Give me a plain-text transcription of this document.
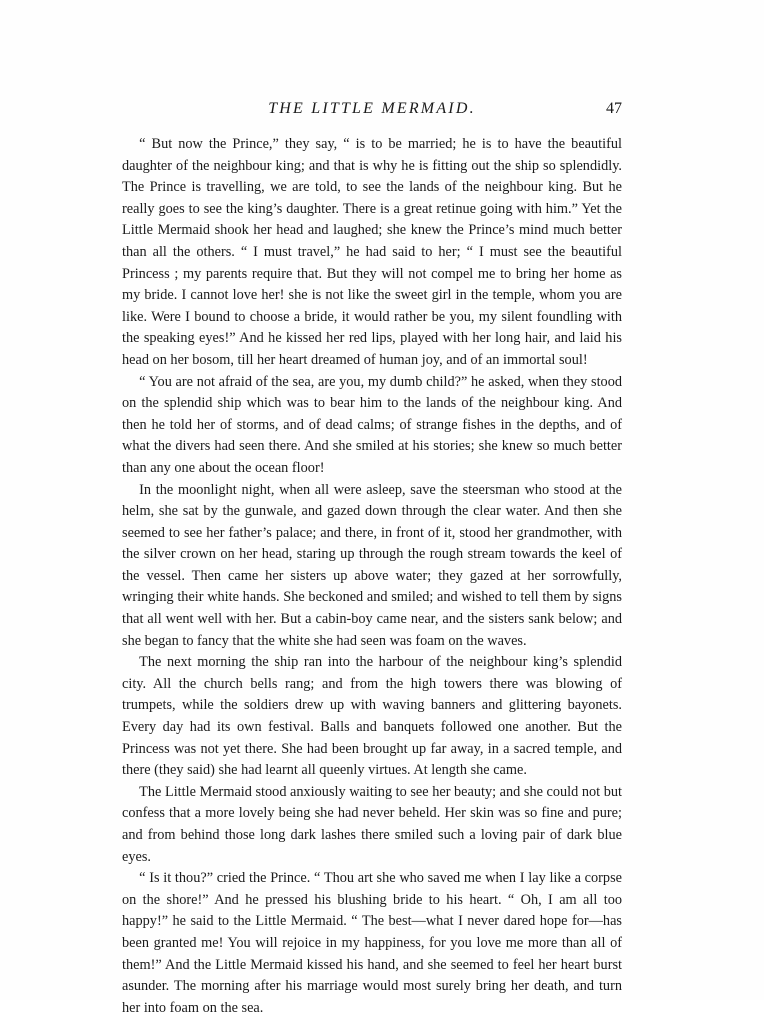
THE LITTLE MERMAID.	47

“ But now the Prince,” they say, “ is to be married; he is to have the beautiful daughter of the neighbour king; and that is why he is fitting out the ship so splendidly. The Prince is travelling, we are told, to see the lands of the neighbour king. But he really goes to see the king’s daughter. There is a great retinue going with him.” Yet the Little Mermaid shook her head and laughed; she knew the Prince’s mind much better than all the others. “ I must travel,” he had said to her; “ I must see the beautiful Princess ; my parents require that. But they will not compel me to bring her home as my bride. I cannot love her! she is not like the sweet girl in the temple, whom you are like. Were I bound to choose a bride, it would rather be you, my silent foundling with the speaking eyes!” And he kissed her red lips, played with her long hair, and laid his head on her bosom, till her heart dreamed of human joy, and of an immortal soul!

“ You are not afraid of the sea, are you, my dumb child?” he asked, when they stood on the splendid ship which was to bear him to the lands of the neighbour king. And then he told her of storms, and of dead calms; of strange fishes in the depths, and of what the divers had seen there. And she smiled at his stories; she knew so much better than any one about the ocean floor!

In the moonlight night, when all were asleep, save the steersman who stood at the helm, she sat by the gunwale, and gazed down through the clear water. And then she seemed to see her father’s palace; and there, in front of it, stood her grandmother, with the silver crown on her head, staring up through the rough stream towards the keel of the vessel. Then came her sisters up above water; they gazed at her sorrowfully, wringing their white hands. She beckoned and smiled; and wished to tell them by signs that all went well with her. But a cabin-boy came near, and the sisters sank below; and she began to fancy that the white she had seen was foam on the waves.

The next morning the ship ran into the harbour of the neighbour king’s splendid city. All the church bells rang; and from the high towers there was blowing of trumpets, while the soldiers drew up with waving banners and glittering bayonets. Every day had its own festival. Balls and banquets followed one another. But the Princess was not yet there. She had been brought up far away, in a sacred temple, and there (they said) she had learnt all queenly virtues. At length she came.

The Little Mermaid stood anxiously waiting to see her beauty; and she could not but confess that a more lovely being she had never beheld. Her skin was so fine and pure; and from behind those long dark lashes there smiled such a loving pair of dark blue eyes.

“ Is it thou?” cried the Prince. “ Thou art she who saved me when I lay like a corpse on the shore!” And he pressed his blushing bride to his heart. “ Oh, I am all too happy!” he said to the Little Mermaid. “ The best—what I never dared hope for—has been granted me! You will rejoice in my happiness, for you love me more than all of them!” And the Little Mermaid kissed his hand, and she seemed to feel her heart burst asunder. The morning after his marriage would most surely bring her death, and turn her into foam on the sea.
